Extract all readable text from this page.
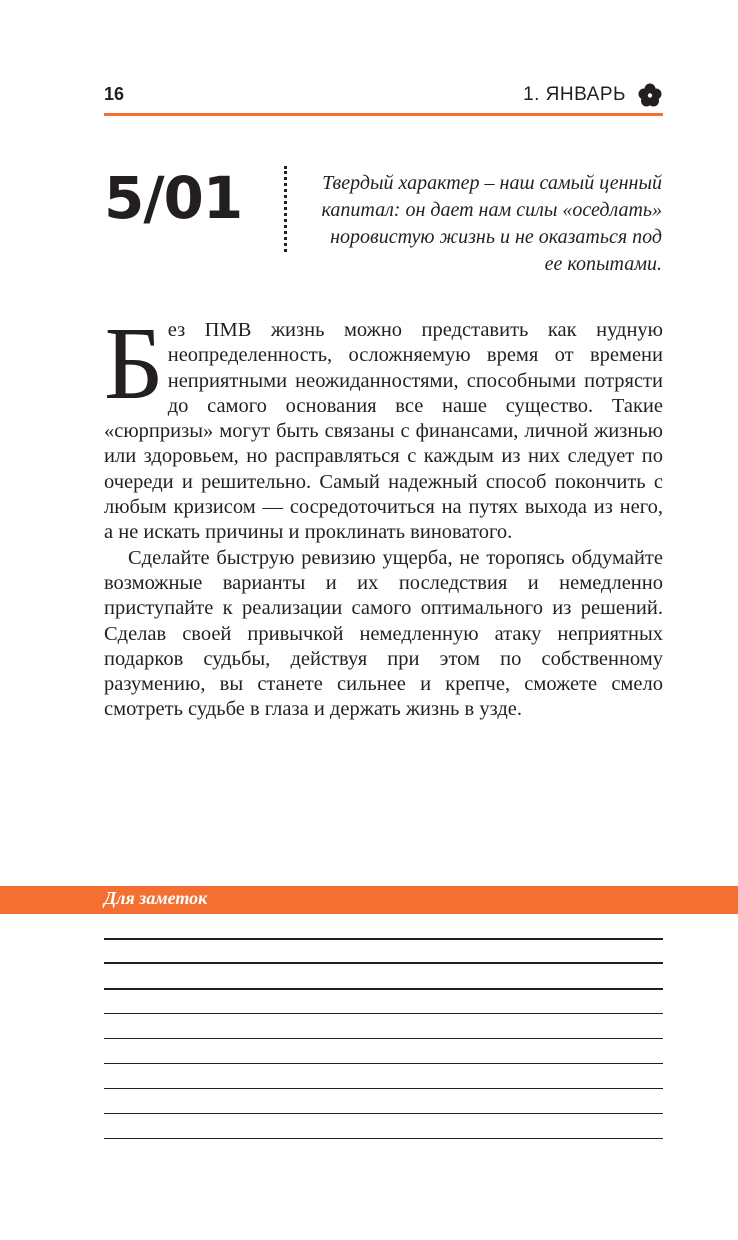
16	1. ЯНВАРЬ
5/01	Твердый характер – наш самый ценный капитал: он дает нам силы «оседлать» норовистую жизнь и не оказаться под ее копытами.

Без ПМВ жизнь можно представить как нудную неопределенность, осложняемую время от времени неприятными неожиданностями, способными потрясти до самого основания все наше существо. Такие «сюрпризы» могут быть связаны с финансами, личной жизнью или здоровьем, но расправляться с каждым из них следует по очереди и решительно. Самый надежный способ покончить с любым кризисом — сосредоточиться на путях выхода из него, а не искать причины и проклинать виноватого.

Сделайте быструю ревизию ущерба, не торопясь обдумайте возможные варианты и их последствия и немедленно приступайте к реализации самого оптимального из решений. Сделав своей привычкой немедленную атаку неприятных подарков судьбы, действуя при этом по собственному разумению, вы станете сильнее и крепче, сможете смело смотреть судьбе в глаза и держать жизнь в узде.

Для заметок
